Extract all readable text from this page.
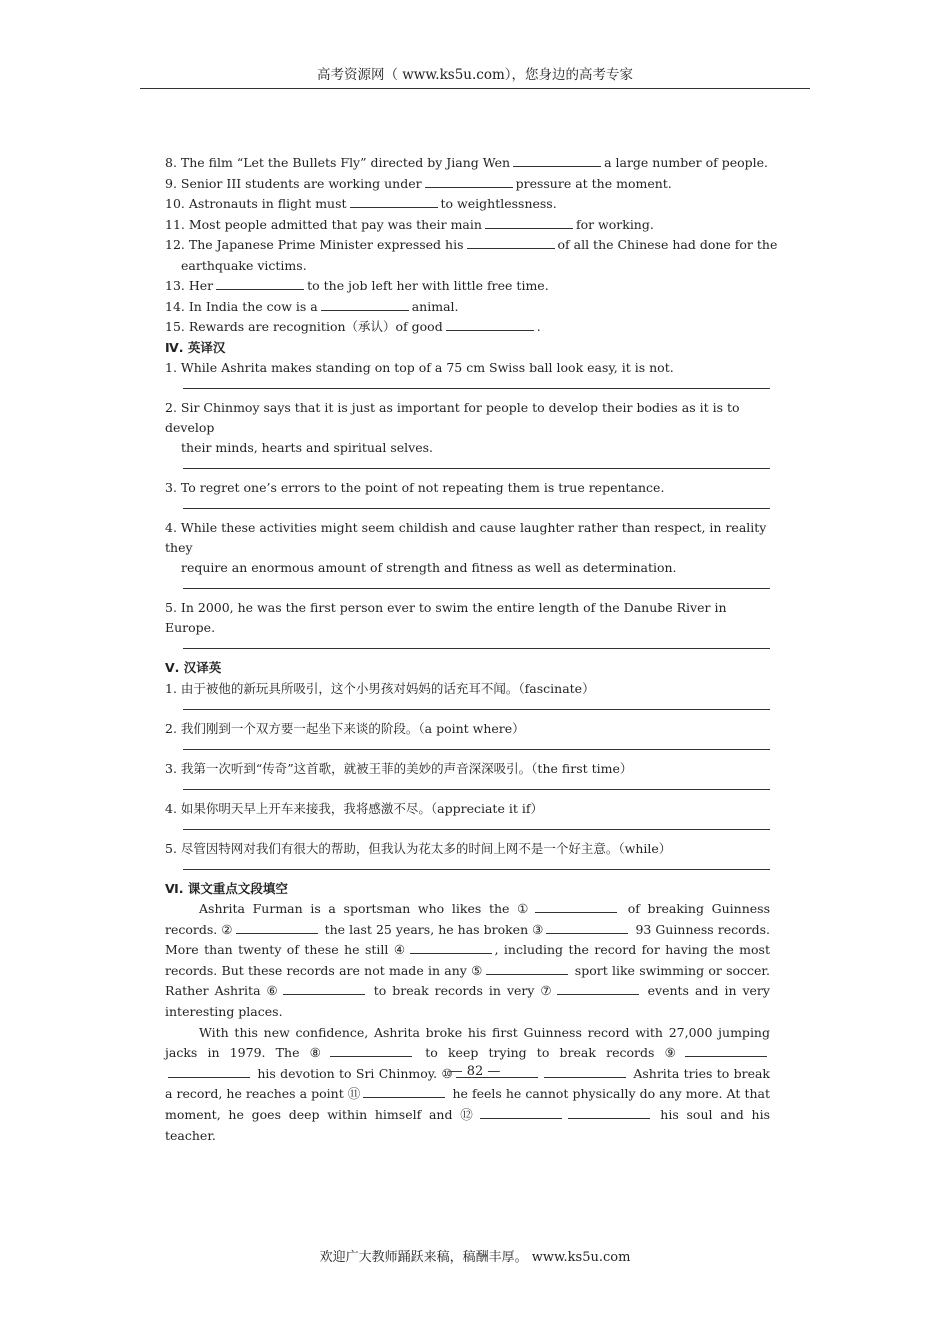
高考资源网（ www.ks5u.com），您身边的高考专家
8. The film “Let the Bullets Fly” directed by Jiang Wen	a large number of people.
9. Senior III students are working under	pressure at the moment.
10. Astronauts in flight must	to weightlessness.
11. Most people admitted that pay was their main	for working.
12. The Japanese Prime Minister expressed his	of all the Chinese had done for the
earthquake victims.
13. Her	to the job left her with little free time.
14. In India the cow is a	animal.
15. Rewards are recognition（承认）of good	.
Ⅳ. 英译汉
1. While Ashrita makes standing on top of a 75 cm Swiss ball look easy, it is not.
2. Sir Chinmoy says that it is just as important for people to develop their bodies as it is to develop
their minds, hearts and spiritual selves.
3. To regret one’s errors to the point of not repeating them is true repentance.
4. While these activities might seem childish and cause laughter rather than respect, in reality they
require an enormous amount of strength and fitness as well as determination.
5. In 2000, he was the first person ever to swim the entire length of the Danube River in Europe.
Ⅴ. 汉译英
1. 由于被他的新玩具所吸引，这个小男孩对妈妈的话充耳不闻。（fascinate）
2. 我们刚到一个双方要一起坐下来谈的阶段。（a point where）
3. 我第一次听到“传奇”这首歌，就被王菲的美妙的声音深深吸引。（the first time）
4. 如果你明天早上开车来接我，我将感激不尽。（appreciate it if）
5. 尽管因特网对我们有很大的帮助，但我认为花太多的时间上网不是一个好主意。（while）
Ⅵ. 课文重点文段填空
Ashrita Furman is a sportsman who likes the ①	of breaking Guinness records. ②	the last 25 years, he has broken ③	93 Guinness records. More than twenty of these he still ④	, including the record for having the most records. But these records are not made in any ⑤	sport like swimming or soccer. Rather Ashrita ⑥	to break records in very ⑦	events and in very interesting places.
With this new confidence, Ashrita broke his first Guinness record with 27,000 jumping jacks in 1979. The ⑧	to keep trying to break records ⑨ his devotion to Sri Chinmoy. ⑩	Ashrita tries to break a record, he reaches a point ⑪	he feels he cannot physically do any more. At that moment, he goes deep within himself and ⑫	his soul and his teacher.
— 82 —
欢迎广大教师踊跃来稿，稿酬丰厚。 www.ks5u.com
